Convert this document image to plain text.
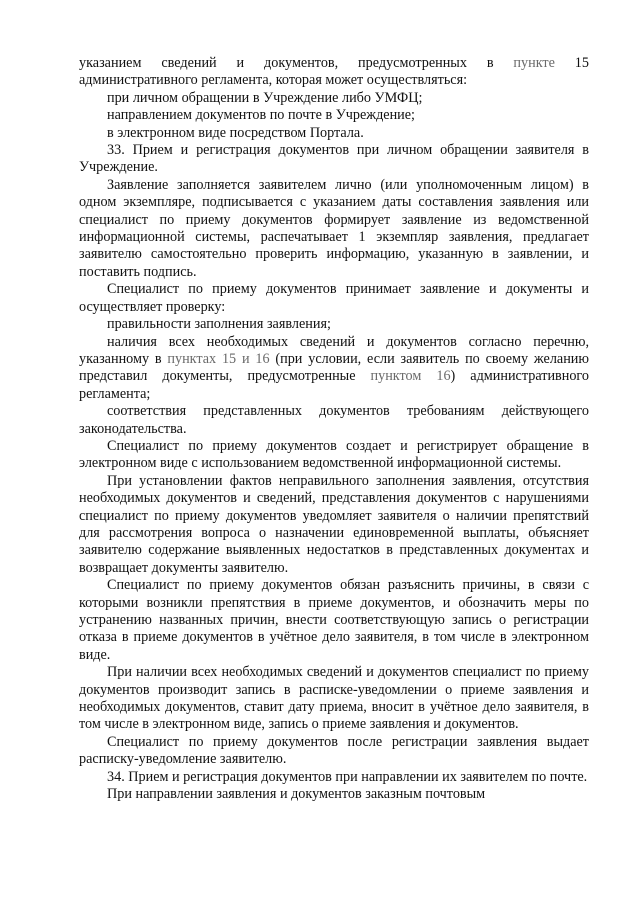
указанием сведений и документов, предусмотренных в пункте 15 административного регламента, которая может осуществляться:

при личном обращении в Учреждение либо УМФЦ;

направлением документов по почте в Учреждение;

в электронном виде посредством Портала.

33. Прием и регистрация документов при личном обращении заявителя в Учреждение.

Заявление заполняется заявителем лично (или уполномоченным лицом) в одном экземпляре, подписывается с указанием даты составления заявления или специалист по приему документов формирует заявление из ведомственной информационной системы, распечатывает 1 экземпляр заявления, предлагает заявителю самостоятельно проверить информацию, указанную в заявлении, и поставить подпись.

Специалист по приему документов принимает заявление и документы и осуществляет проверку:

правильности заполнения заявления;

наличия всех необходимых сведений и документов согласно перечню, указанному в пунктах 15 и 16 (при условии, если заявитель по своему желанию представил документы, предусмотренные пунктом 16) административного регламента;

соответствия представленных документов требованиям действующего законодательства.

Специалист по приему документов создает и регистрирует обращение в электронном виде с использованием ведомственной информационной системы.

При установлении фактов неправильного заполнения заявления, отсутствия необходимых документов и сведений, представления документов с нарушениями специалист по приему документов уведомляет заявителя о наличии препятствий для рассмотрения вопроса о назначении единовременной выплаты, объясняет заявителю содержание выявленных недостатков в представленных документах и возвращает документы заявителю.

Специалист по приему документов обязан разъяснить причины, в связи с которыми возникли препятствия в приеме документов, и обозначить меры по устранению названных причин, внести соответствующую запись о регистрации отказа в приеме документов в учётное дело заявителя, в том числе в электронном виде.

При наличии всех необходимых сведений и документов специалист по приему документов производит запись в расписке-уведомлении о приеме заявления и необходимых документов, ставит дату приема, вносит в учётное дело заявителя, в том числе в электронном виде, запись о приеме заявления и документов.

Специалист по приему документов после регистрации заявления выдает расписку-уведомление заявителю.

34. Прием и регистрация документов при направлении их заявителем по почте.

При направлении заявления и документов заказным почтовым
